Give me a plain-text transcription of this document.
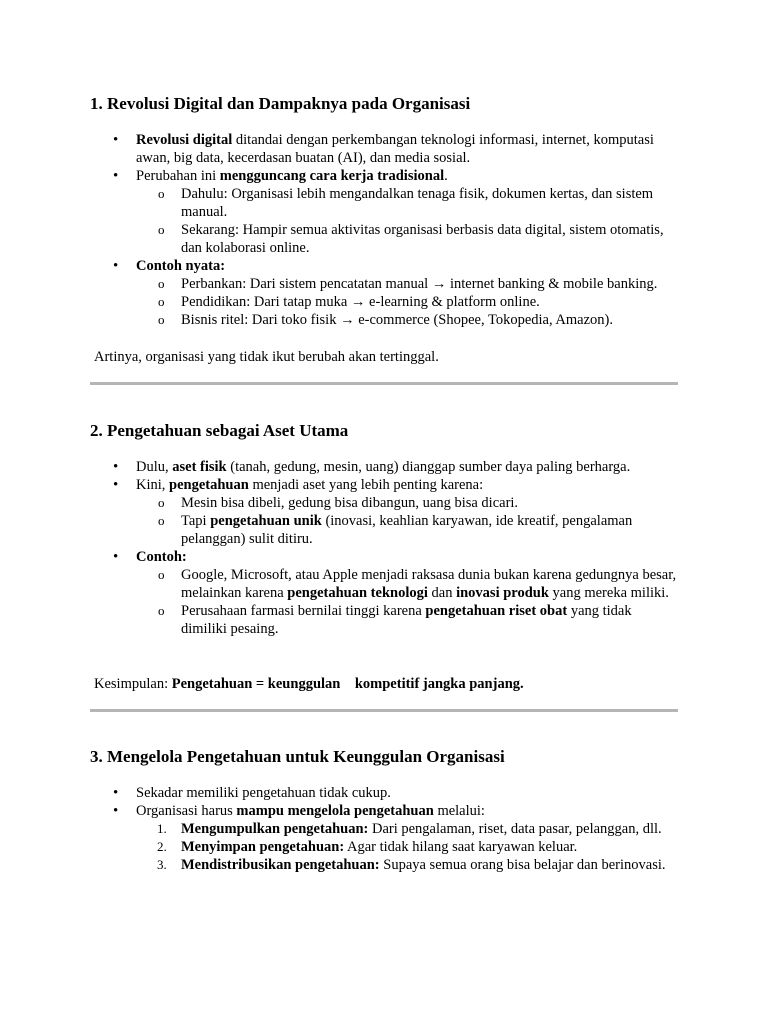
1. Revolusi Digital dan Dampaknya pada Organisasi
• Revolusi digital ditandai dengan perkembangan teknologi informasi, internet, komputasi awan, big data, kecerdasan buatan (AI), dan media sosial.
• Perubahan ini mengguncang cara kerja tradisional.
o Dahulu: Organisasi lebih mengandalkan tenaga fisik, dokumen kertas, dan sistem manual.
o Sekarang: Hampir semua aktivitas organisasi berbasis data digital, sistem otomatis, dan kolaborasi online.
• Contoh nyata:
o Perbankan: Dari sistem pencatatan manual → internet banking & mobile banking.
o Pendidikan: Dari tatap muka → e-learning & platform online.
o Bisnis ritel: Dari toko fisik → e-commerce (Shopee, Tokopedia, Amazon).

Artinya, organisasi yang tidak ikut berubah akan tertinggal.

2. Pengetahuan sebagai Aset Utama
• Dulu, aset fisik (tanah, gedung, mesin, uang) dianggap sumber daya paling berharga.
• Kini, pengetahuan menjadi aset yang lebih penting karena:
o Mesin bisa dibeli, gedung bisa dibangun, uang bisa dicari.
o Tapi pengetahuan unik (inovasi, keahlian karyawan, ide kreatif, pengalaman pelanggan) sulit ditiru.
• Contoh:
o Google, Microsoft, atau Apple menjadi raksasa dunia bukan karena gedungnya besar, melainkan karena pengetahuan teknologi dan inovasi produk yang mereka miliki.
o Perusahaan farmasi bernilai tinggi karena pengetahuan riset obat yang tidak dimiliki pesaing.

Kesimpulan: Pengetahuan = keunggulan    kompetitif jangka panjang.

3. Mengelola Pengetahuan untuk Keunggulan Organisasi
• Sekadar memiliki pengetahuan tidak cukup.
• Organisasi harus mampu mengelola pengetahuan melalui:
1. Mengumpulkan pengetahuan: Dari pengalaman, riset, data pasar, pelanggan, dll.
2. Menyimpan pengetahuan: Agar tidak hilang saat karyawan keluar.
3. Mendistribusikan pengetahuan: Supaya semua orang bisa belajar dan berinovasi.
